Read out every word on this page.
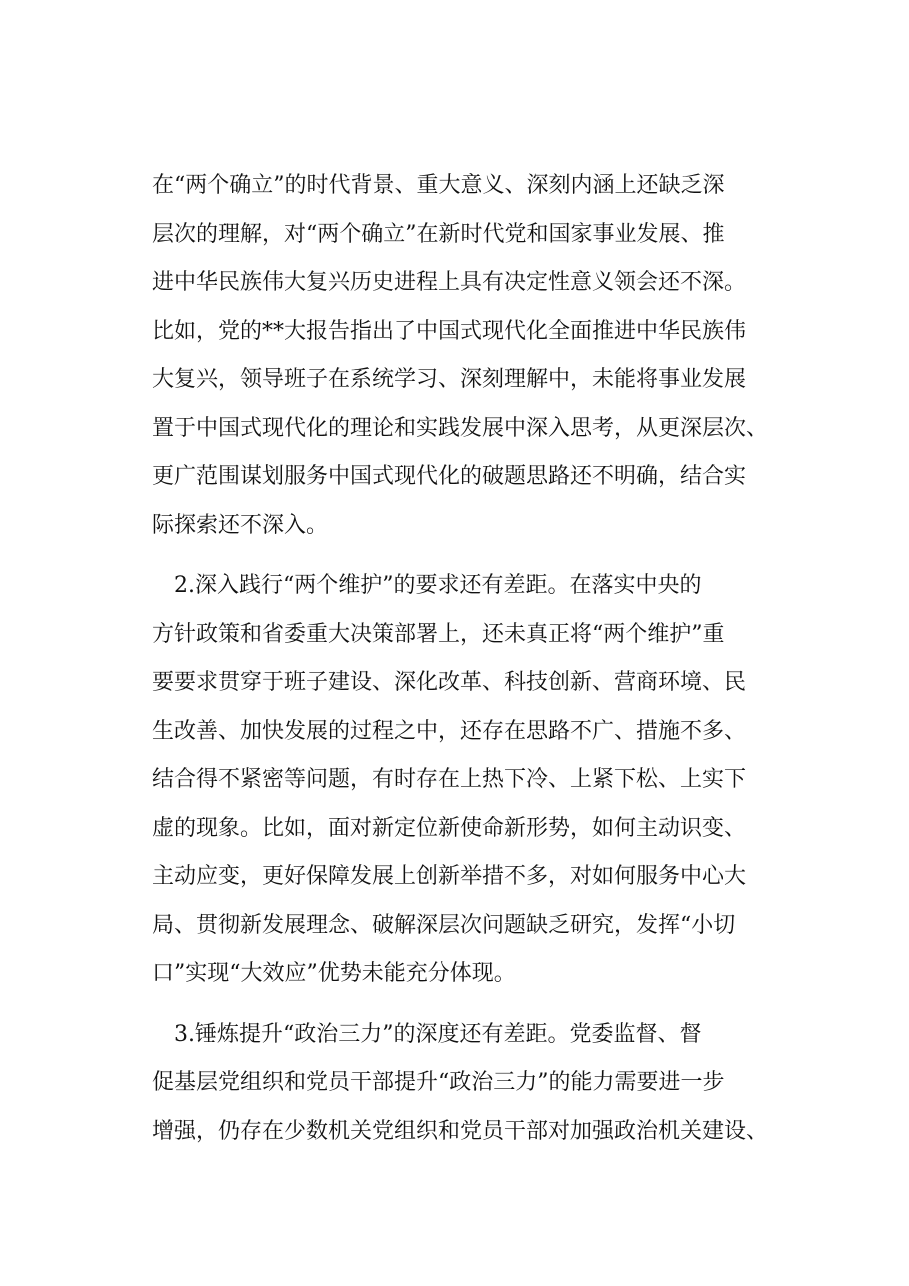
在“两个确立”的时代背景、重大意义、深刻内涵上还缺乏深
层次的理解，对“两个确立”在新时代党和国家事业发展、推
进中华民族伟大复兴历史进程上具有决定性意义领会还不深。
比如，党的**大报告指出了中国式现代化全面推进中华民族伟
大复兴，领导班子在系统学习、深刻理解中，未能将事业发展
置于中国式现代化的理论和实践发展中深入思考，从更深层次、
更广范围谋划服务中国式现代化的破题思路还不明确，结合实
际探索还不深入。
2.深入践行“两个维护”的要求还有差距。在落实中央的
方针政策和省委重大决策部署上，还未真正将“两个维护”重
要要求贯穿于班子建设、深化改革、科技创新、营商环境、民
生改善、加快发展的过程之中，还存在思路不广、措施不多、
结合得不紧密等问题，有时存在上热下冷、上紧下松、上实下
虚的现象。比如，面对新定位新使命新形势，如何主动识变、
主动应变，更好保障发展上创新举措不多，对如何服务中心大
局、贯彻新发展理念、破解深层次问题缺乏研究，发挥“小切
口”实现“大效应”优势未能充分体现。
3.锤炼提升“政治三力”的深度还有差距。党委监督、督
促基层党组织和党员干部提升“政治三力”的能力需要进一步
增强，仍存在少数机关党组织和党员干部对加强政治机关建设、
